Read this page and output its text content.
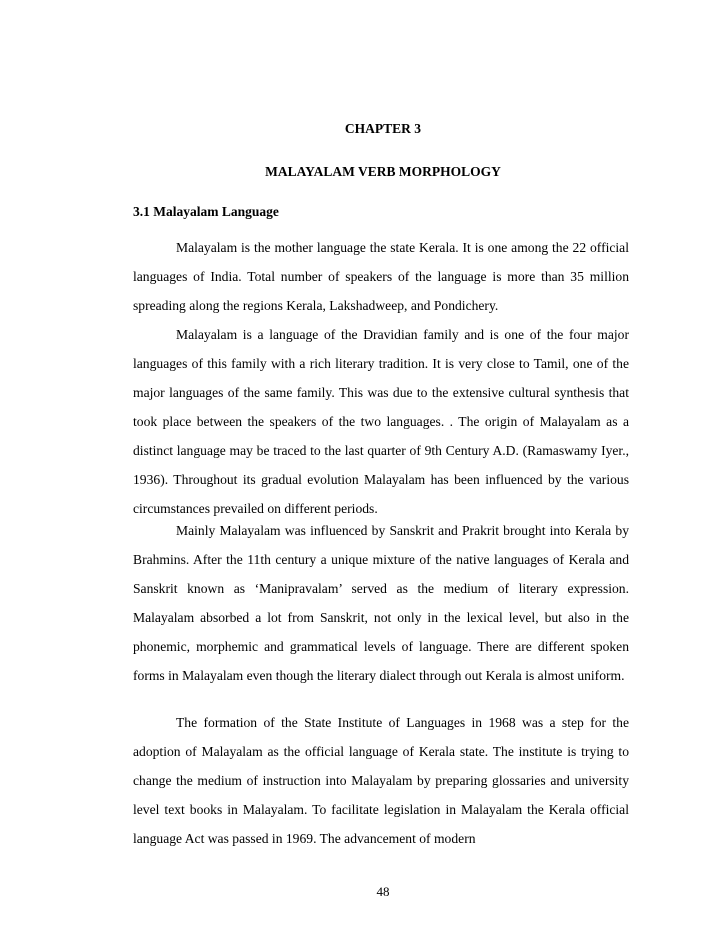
CHAPTER 3
MALAYALAM VERB MORPHOLOGY
3.1 Malayalam Language

Malayalam is the mother language the state Kerala. It is one among the 22 official languages of India. Total number of speakers of the language is more than 35 million spreading along the regions Kerala, Lakshadweep, and Pondichery.

Malayalam is a language of the Dravidian family and is one of the four major languages of this family with a rich literary tradition. It is very close to Tamil, one of the major languages of the same family. This was due to the extensive cultural synthesis that took place between the speakers of the two languages. . The origin of Malayalam as a distinct language may be traced to the last quarter of 9th Century A.D. (Ramaswamy Iyer., 1936). Throughout its gradual evolution Malayalam has been influenced by the various circumstances prevailed on different periods.

Mainly Malayalam was influenced by Sanskrit and Prakrit brought into Kerala by Brahmins. After the 11th century a unique mixture of the native languages of Kerala and Sanskrit known as ‘Manipravalam’ served as the medium of literary expression. Malayalam absorbed a lot from Sanskrit, not only in the lexical level, but also in the phonemic, morphemic and grammatical levels of language. There are different spoken forms in Malayalam even though the literary dialect through out Kerala is almost uniform.

The formation of the State Institute of Languages in 1968 was a step for the adoption of Malayalam as the official language of Kerala state. The institute is trying to change the medium of instruction into Malayalam by preparing glossaries and university level text books in Malayalam. To facilitate legislation in Malayalam the Kerala official language Act was passed in 1969. The advancement of modern

48
